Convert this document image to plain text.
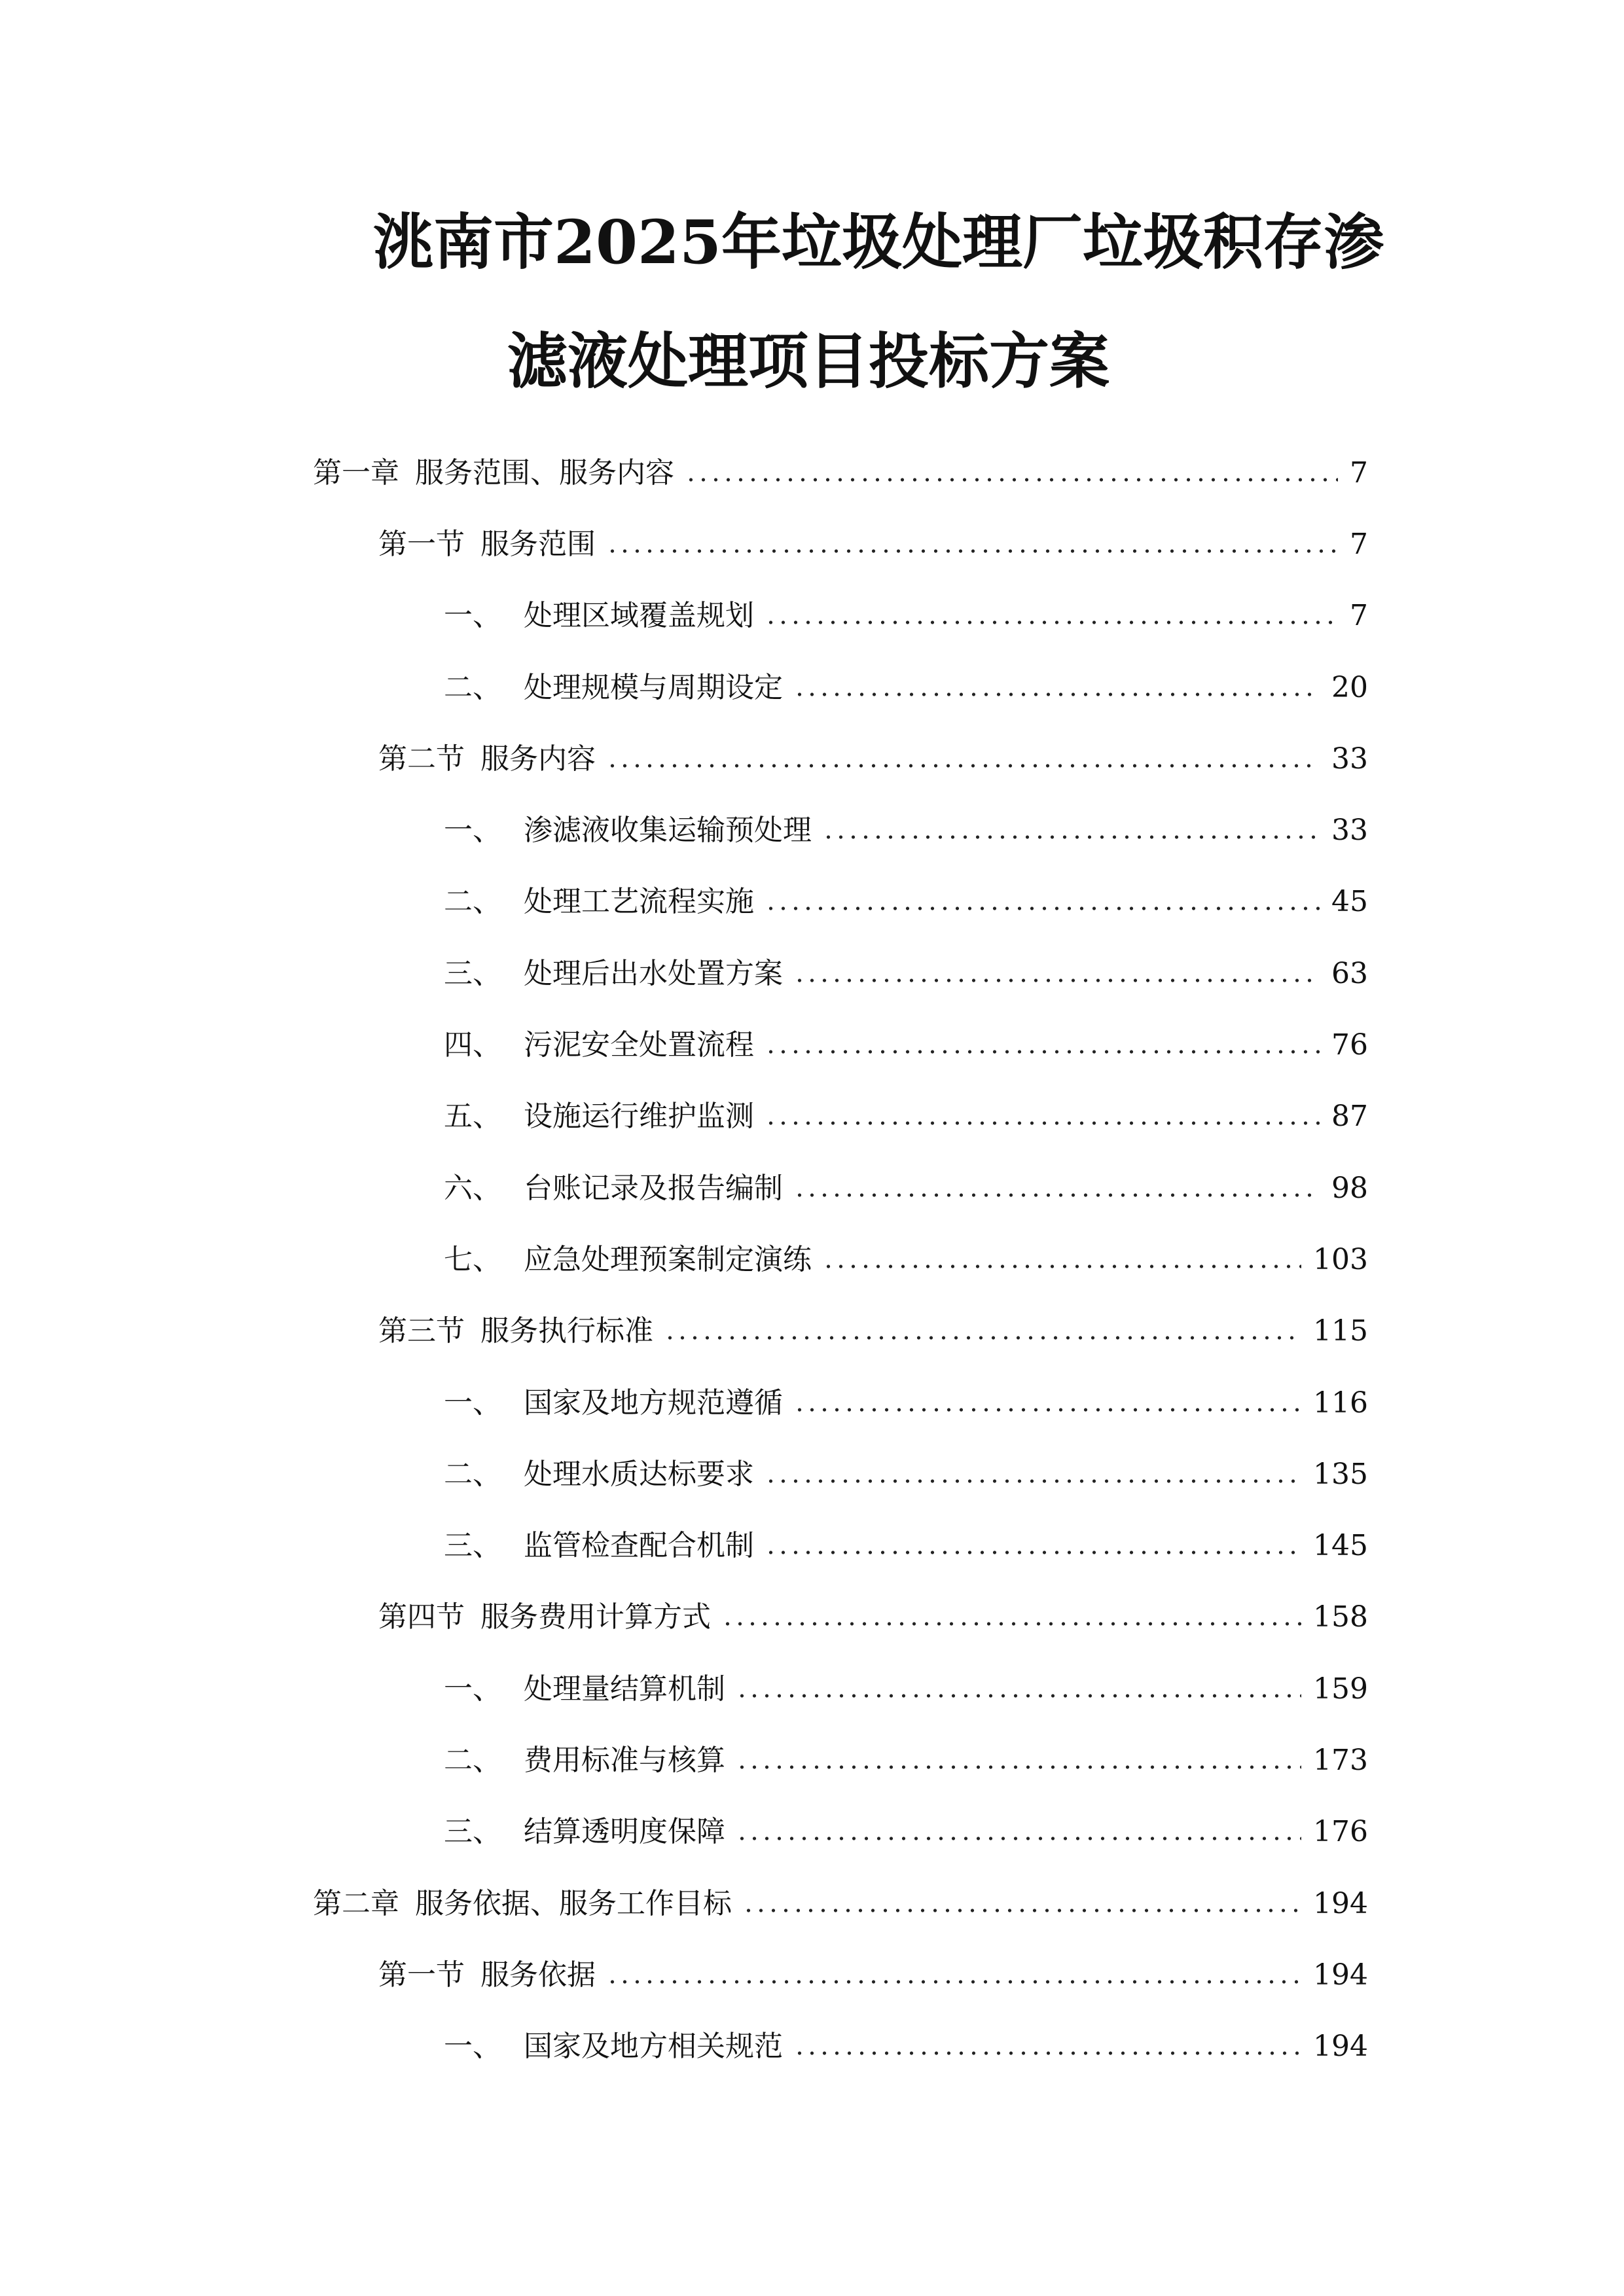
洮南市2025年垃圾处理厂垃圾积存渗
滤液处理项目投标方案
第一章 服务范围、服务内容	7
第一节 服务范围	7
一、 处理区域覆盖规划	7
二、 处理规模与周期设定	20
第二节 服务内容	33
一、 渗滤液收集运输预处理	33
二、 处理工艺流程实施	45
三、 处理后出水处置方案	63
四、 污泥安全处置流程	76
五、 设施运行维护监测	87
六、 台账记录及报告编制	98
七、 应急处理预案制定演练	103
第三节 服务执行标准	115
一、 国家及地方规范遵循	116
二、 处理水质达标要求	135
三、 监管检查配合机制	145
第四节 服务费用计算方式	158
一、 处理量结算机制	159
二、 费用标准与核算	173
三、 结算透明度保障	176
第二章 服务依据、服务工作目标	194
第一节 服务依据	194
一、 国家及地方相关规范	194
